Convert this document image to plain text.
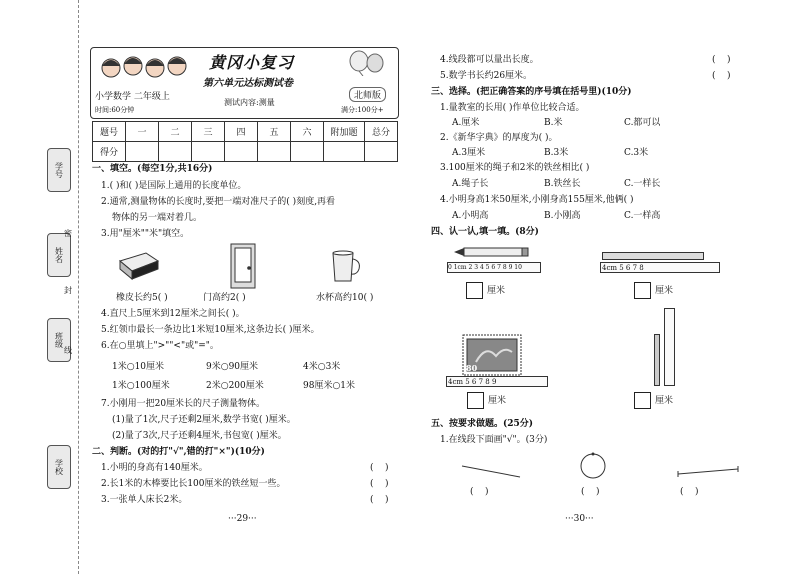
学号
姓名
班级
学校
密
封
线
黄冈小复习
第六单元达标测试卷
小学数学 二年级上	北师版
测试内容:测量
时间:60分钟	满分:100分+
题号	一	二	三	四	五	六	附加题	总分
得分								
一、填空。(每空1分,共16分)
1.( )和( )是国际上通用的长度单位。
2.通常,测量物体的长度时,要把一端对准尺子的( )刻度,再看
物体的另一端对着几。
3.用"厘米""米"填空。
橡皮长约5( )	门高约2( )	水杯高约10( )
4.直尺上5厘米到12厘米之间长( )。
5.红领巾最长一条边比1米短10厘米,这条边长( )厘米。
6.在○里填上">""<"或"="。
1米○10厘米	9米○90厘米	4米○3米
1米○100厘米	2米○200厘米	98厘米○1米
7.小刚用一把20厘米长的尺子测量物体。
(1)量了1次,尺子还剩2厘米,数学书宽( )厘米。
(2)量了3次,尺子还剩4厘米,书包宽( )厘米。
二、判断。(对的打"√",错的打"×")(10分)
1.小明的身高有140厘米。	(    )
2.长1米的木棒要比长100厘米的铁丝短一些。	(    )
3.一张单人床长2米。	(    )
···29···
4.线段都可以量出长度。	(    )
5.数学书长约26厘米。	(    )
三、选择。(把正确答案的序号填在括号里)(10分)
1.量教室的长用( )作单位比较合适。
A.厘米	B.米	C.都可以
2.《新华字典》的厚度为( )。
A.3厘米	B.3米	C.3米
3.100厘米的绳子和2米的铁丝相比( )
A.绳子长	B.铁丝长	C.一样长
4.小明身高1米50厘米,小刚身高155厘米,他俩( )
A.小明高	B.小刚高	C.一样高
四、认一认,填一填。(8分)
0 1cm 2 3 4 5 6 7 8 9 10
厘米
4cm 5 6 7 8
厘米
80
4cm 5 6 7 8 9
厘米	厘米
五、按要求做题。(25分)
1.在线段下面画"√"。(3分)
(    )	(    )	(    )
···30···
